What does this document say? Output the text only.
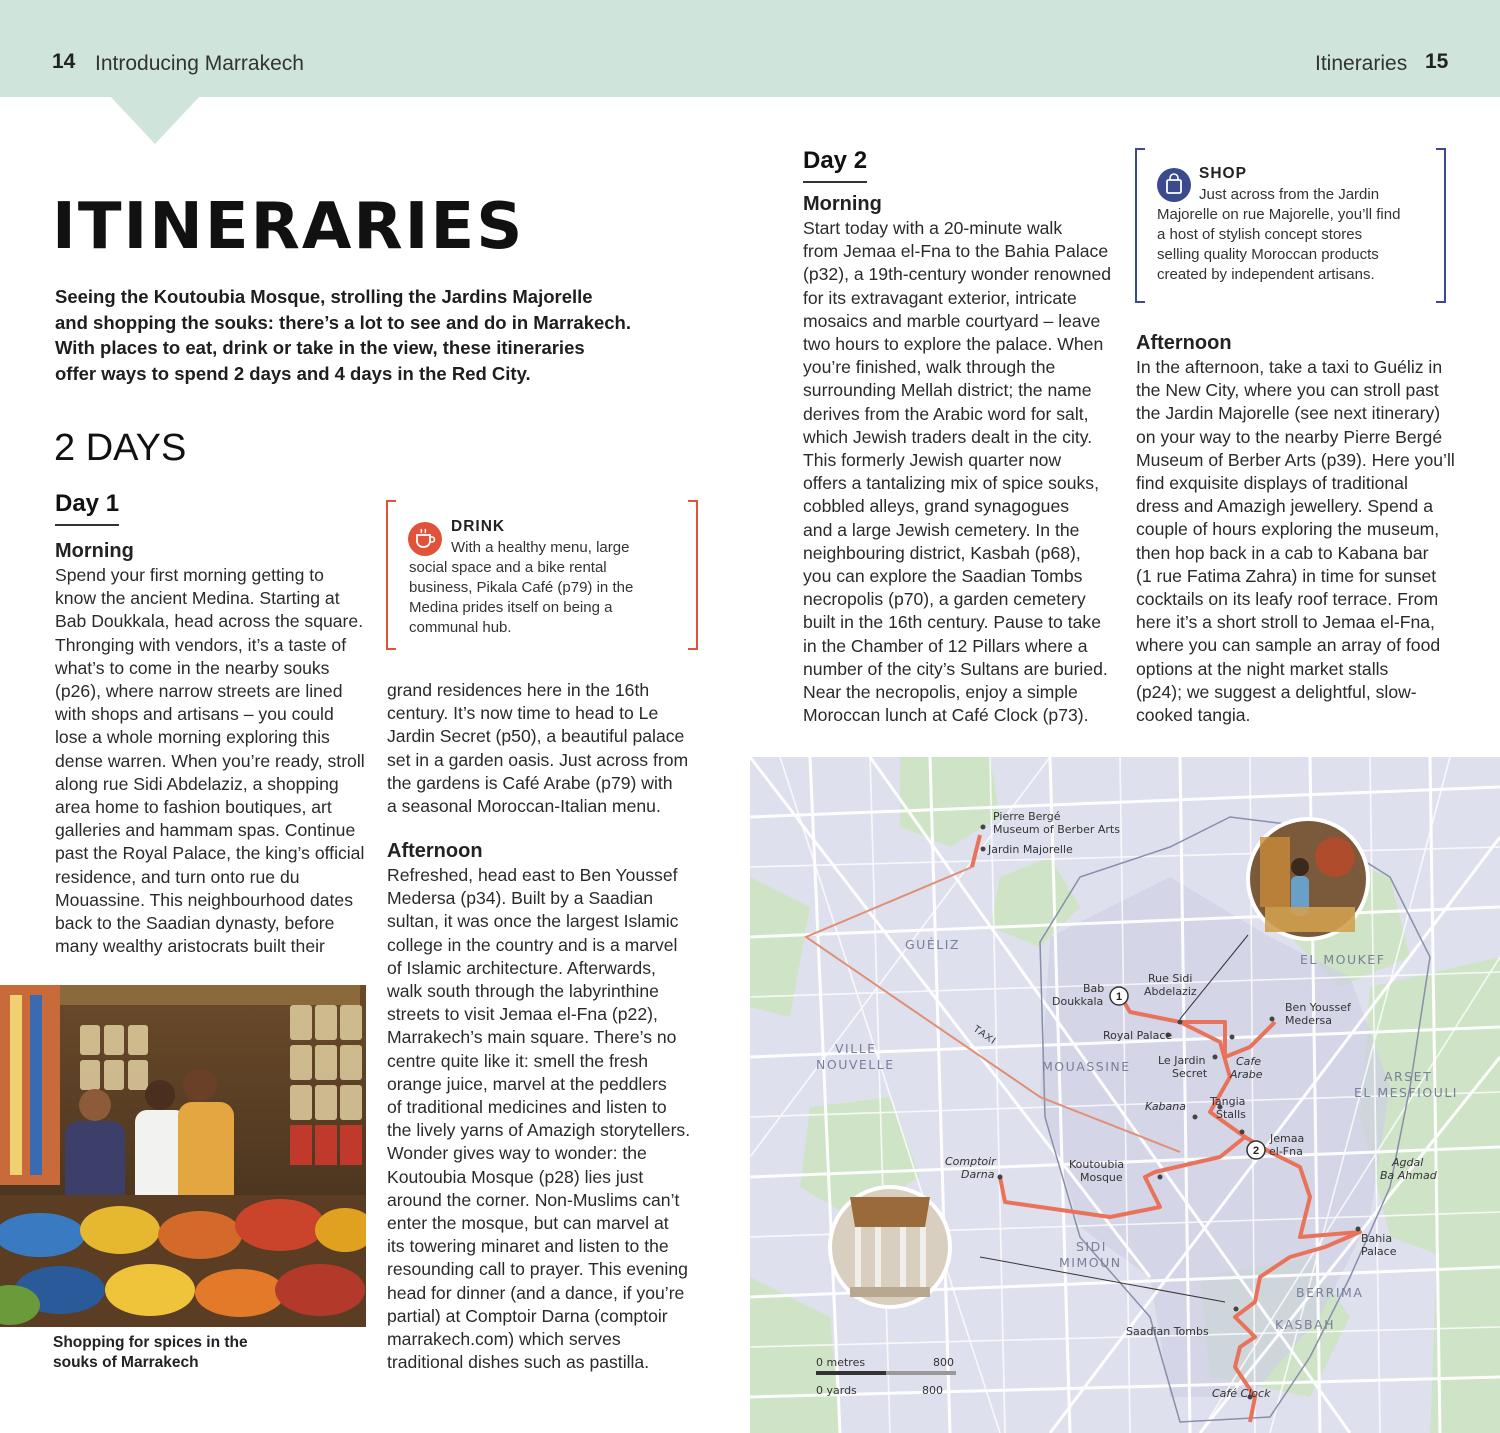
14 Introducing Marrakech	Itineraries 15
ITINERARIES
Seeing the Koutoubia Mosque, strolling the Jardins Majorelle
and shopping the souks: there’s a lot to see and do in Marrakech.
With places to eat, drink or take in the view, these itineraries
offer ways to spend 2 days and 4 days in the Red City.
2 DAYS
Day 1
Morning
Spend your first morning getting to
know the ancient Medina. Starting at
Bab Doukkala, head across the square.
Thronging with vendors, it’s a taste of
what’s to come in the nearby souks
(p26), where narrow streets are lined
with shops and artisans – you could
lose a whole morning exploring this
dense warren. When you’re ready, stroll
along rue Sidi Abdelaziz, a shopping
area home to fashion boutiques, art
galleries and hammam spas. Continue
past the Royal Palace, the king’s official
residence, and turn onto rue du
Mouassine. This neighbourhood dates
back to the Saadian dynasty, before
many wealthy aristocrats built their
DRINK
With a healthy menu, large
social space and a bike rental
business, Pikala Café (p79) in the
Medina prides itself on being a
communal hub.
grand residences here in the 16th
century. It’s now time to head to Le
Jardin Secret (p50), a beautiful palace
set in a garden oasis. Just across from
the gardens is Café Arabe (p79) with
a seasonal Moroccan-Italian menu.
Afternoon
Refreshed, head east to Ben Youssef
Medersa (p34). Built by a Saadian
sultan, it was once the largest Islamic
college in the country and is a marvel
of Islamic architecture. Afterwards,
walk south through the labyrinthine
streets to visit Jemaa el-Fna (p22),
Marrakech’s main square. There’s no
centre quite like it: smell the fresh
orange juice, marvel at the peddlers
of traditional medicines and listen to
the lively yarns of Amazigh storytellers.
Wonder gives way to wonder: the
Koutoubia Mosque (p28) lies just
around the corner. Non-Muslims can’t
enter the mosque, but can marvel at
its towering minaret and listen to the
resounding call to prayer. This evening
head for dinner (and a dance, if you’re
partial) at Comptoir Darna (comptoir
marrakech.com) which serves
traditional dishes such as pastilla.
Shopping for spices in the
souks of Marrakech
Day 2
Morning
Start today with a 20-minute walk
from Jemaa el-Fna to the Bahia Palace
(p32), a 19th-century wonder renowned
for its extravagant exterior, intricate
mosaics and marble courtyard – leave
two hours to explore the palace. When
you’re finished, walk through the
surrounding Mellah district; the name
derives from the Arabic word for salt,
which Jewish traders dealt in the city.
This formerly Jewish quarter now
offers a tantalizing mix of spice souks,
cobbled alleys, grand synagogues
and a large Jewish cemetery. In the
neighbouring district, Kasbah (p68),
you can explore the Saadian Tombs
necropolis (p70), a garden cemetery
built in the 16th century. Pause to take
in the Chamber of 12 Pillars where a
number of the city’s Sultans are buried.
Near the necropolis, enjoy a simple
Moroccan lunch at Café Clock (p73).
SHOP
Just across from the Jardin
Majorelle on rue Majorelle, you’ll find
a host of stylish concept stores
selling quality Moroccan products
created by independent artisans.
Afternoon
In the afternoon, take a taxi to Guéliz in
the New City, where you can stroll past
the Jardin Majorelle (see next itinerary)
on your way to the nearby Pierre Bergé
Museum of Berber Arts (p39). Here you’ll
find exquisite displays of traditional
dress and Amazigh jewellery. Spend a
couple of hours exploring the museum,
then hop back in a cab to Kabana bar
(1 rue Fatima Zahra) in time for sunset
cocktails on its leafy roof terrace. From
here it’s a short stroll to Jemaa el-Fna,
where you can sample an array of food
options at the night market stalls
(p24); we suggest a delightful, slow-
cooked tangia.
1
2
GUÉLIZ
VILLE
NOUVELLE	MOUASSINE
EL MOUKEF
ARSET
EL MESFIOULI
SIDI
MIMOUN
BERRIMA
KASBAH
Pierre Bergé
Museum of Berber Arts
Jardin Majorelle
Bab
Doukkala
Rue Sidi
Abdelaziz
Ben Youssef
Medersa
Royal Palace
Le Jardin
Secret
Tangia
Stalls
Jemaa
el-Fna
Koutoubia
Mosque
Bahia
Palace
Saadian Tombs
Cafe
Arabe
Kabana
Comptoir
Darna
Café Clock
Agdal
Ba Ahmad
TAXI
0 metres	800
0 yards	800
